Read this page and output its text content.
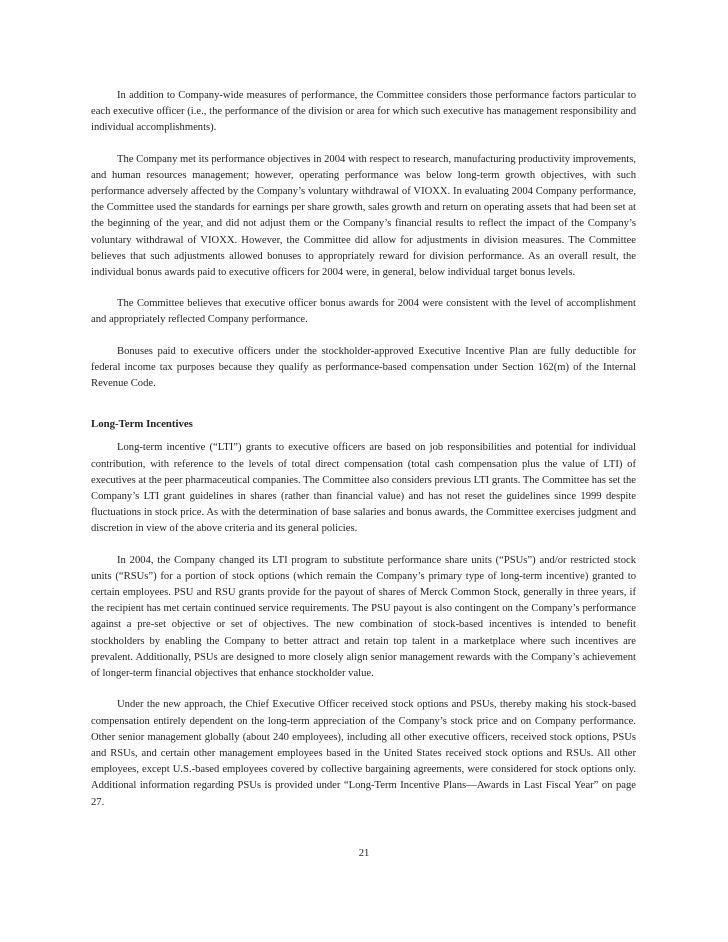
In addition to Company-wide measures of performance, the Committee considers those performance factors particular to each executive officer (i.e., the performance of the division or area for which such executive has management responsibility and individual accomplishments).

The Company met its performance objectives in 2004 with respect to research, manufacturing productivity improvements, and human resources management; however, operating performance was below long-term growth objectives, with such performance adversely affected by the Company’s voluntary withdrawal of VIOXX. In evaluating 2004 Company performance, the Committee used the standards for earnings per share growth, sales growth and return on operating assets that had been set at the beginning of the year, and did not adjust them or the Company’s financial results to reflect the impact of the Company’s voluntary withdrawal of VIOXX. However, the Committee did allow for adjustments in division measures. The Committee believes that such adjustments allowed bonuses to appropriately reward for division performance. As an overall result, the individual bonus awards paid to executive officers for 2004 were, in general, below individual target bonus levels.

The Committee believes that executive officer bonus awards for 2004 were consistent with the level of accomplishment and appropriately reflected Company performance.

Bonuses paid to executive officers under the stockholder-approved Executive Incentive Plan are fully deductible for federal income tax purposes because they qualify as performance-based compensation under Section 162(m) of the Internal Revenue Code.

Long-Term Incentives

Long-term incentive (“LTI”) grants to executive officers are based on job responsibilities and potential for individual contribution, with reference to the levels of total direct compensation (total cash compensation plus the value of LTI) of executives at the peer pharmaceutical companies. The Committee also considers previous LTI grants. The Committee has set the Company’s LTI grant guidelines in shares (rather than financial value) and has not reset the guidelines since 1999 despite fluctuations in stock price. As with the determination of base salaries and bonus awards, the Committee exercises judgment and discretion in view of the above criteria and its general policies.

In 2004, the Company changed its LTI program to substitute performance share units (“PSUs”) and/or restricted stock units (“RSUs”) for a portion of stock options (which remain the Company’s primary type of long-term incentive) granted to certain employees. PSU and RSU grants provide for the payout of shares of Merck Common Stock, generally in three years, if the recipient has met certain continued service requirements. The PSU payout is also contingent on the Company’s performance against a pre-set objective or set of objectives. The new combination of stock-based incentives is intended to benefit stockholders by enabling the Company to better attract and retain top talent in a marketplace where such incentives are prevalent. Additionally, PSUs are designed to more closely align senior management rewards with the Company’s achievement of longer-term financial objectives that enhance stockholder value.

Under the new approach, the Chief Executive Officer received stock options and PSUs, thereby making his stock-based compensation entirely dependent on the long-term appreciation of the Company’s stock price and on Company performance. Other senior management globally (about 240 employees), including all other executive officers, received stock options, PSUs and RSUs, and certain other management employees based in the United States received stock options and RSUs. All other employees, except U.S.-based employees covered by collective bargaining agreements, were considered for stock options only. Additional information regarding PSUs is provided under “Long-Term Incentive Plans—Awards in Last Fiscal Year” on page 27.

21
